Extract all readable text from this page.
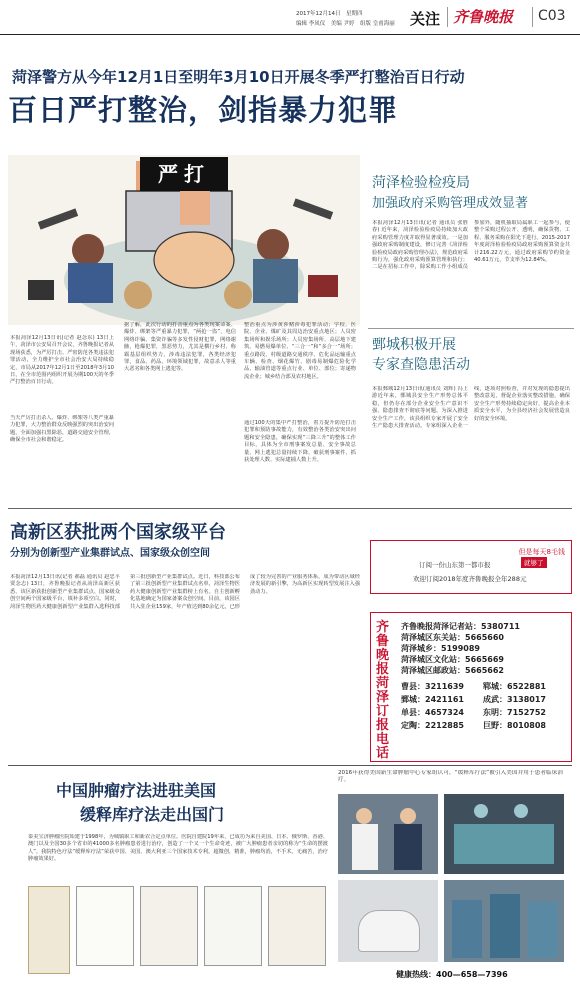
2017年12月14日　星期四
编辑 李凤仪　美编 尹婷　组版 皇甫海丽 关注 齐鲁晚报 C03
菏泽警方从今年12月1日至明年3月10日开展冬季严打整治百日行动
百日严打整治，剑指暴力犯罪
严打
本报菏泽12月13日讯(记者 赵念东) 13日上午，菏泽市公安局召开会议，齐鲁晚报记者从现场获悉，为严厉打击、严密防范各类违法犯罪活动，全力维护全市社会治安大局持续稳定，市局从2017年12月1日至2018年3月10日，在全市范围内组织开展为期100天的冬季严打整治百日行动。
当天严厉打击杀人、爆炸、绑架等八类严重暴力犯罪，大力整治群众反映强烈的突出治安问题，全面加强扫黑除恶，道路交通安全管理，确保全市社会和谐稳定。
据了解，此次行动的打击重点为各类现案命案、爆炸、绑架等严重暴力犯罪，“两抢一盗”、电信网络诈骗、集资诈骗等多发性侵财犯罪，网络谢骸，枪爆犯罪，黑恶势力，尤其是横行乡村、称霸基层组织势力，涉毒违法犯罪，各类经济犯罪，食品、药品、环境领域犯罪，故意杀人等重大恶劣和各类网上逃犯等。
整治重点为涉黄涉赌涉毒犯罪活动；学校、医院、企业、煤矿及其周边治安重点地区；人员密集场所和娱乐场所；人员密集场所、高层地下建筑、易燃易爆单位、“三合一”和“多合一”场所；重点路段、村级道路交通秩序、危化品运输重点车辆、检查、烟花爆竹、剧毒易制爆危险化学品、输油管道等重点行业、单位、部位；寄递物流企业；城乡结合部及农村地区。
通过100天的集中严打整治，着力提升防范打击犯罪和预防事故能力，有效整治各类治安突出问题和安全隐患，确保实现“三降三升”的整体工作目标，具体为全市刑事案发总量、安全事故总量、网上逃犯总量持续下降，破获刑事案件、抓获处理人数、实际逮捕人数上升。
菏泽检验检疫局
加强政府采购管理成效显著
本报菏泽12月13日讯(记者 通讯员 张胜春) 近年来，菏泽检验检疫局持续加大政府采购管理力度并取得显著成效。一是加强政府采购制度建设，修订完善《菏泽检验检疫局政府采购管理办法》，规范政府采购行为，强化政府采购预算管理和执行；二是在招标工作中，除采购工作小组成员参加外，随机抽取局属职工一起参与，使整个采购过程公开、透明，确保货物、工程、服务采购在阳光下进行。2015-2017年度菏泽检验检疫局政府采购预算资金共计216.22万元，通过政府采购节约资金40.61万元，节支率为12.84%。
鄄城积极开展
专家查隐患活动
本报鄄城12月13日讯(通讯员 刘辉) 冯上游近年来，鄄城县安全生产形势总体平稳，但仍存在部分企业安全生产意识不强、隐患排查不彻底等问题。为深入推进安全生产工作，该县组织专家开展了安全生产隐患大排查活动。专家组深入企业一线，逐项对照检查，并对发现的隐患提出整改意见，督促企业落实整改措施，确保安全生产形势持续稳定向好，提高企业本质安全水平，为全县经济社会发展营造良好的安全环境。
高新区获批两个国家级平台
分别为创新型产业集群试点、国家级众创空间
本报菏泽12月13日讯(记者 郝磊 通讯员 赵忠平 贾念志) 13日，齐鲁晚报记者从菏泽高新区获悉，该区新获批创新型产业集群试点、国家级众创空间两个国家级平台，填补多项空白。同时，菏泽生物医药大健康创新型产业集群入选科技部第三批创新型产业集群试点。近日，科技部公布了第三批创新型产业集群试点名单，菏泽生物医药大健康创新型产业集群榜上有名。自主创新孵化基地确定为国家备案众创空间。目前，该园区共入驻企业159家，年产值达到80余亿元，已形成了较为完善的产业服务体系，成为带动区域经济发展的新引擎，为高新区实现转型发展注入强劲动力。
但是每天8毛钱
订阅一份山东第一都市报	就够了
欢迎订阅2018年度齐鲁晚报全年288元
齐鲁晚报菏泽订报电话
齐鲁晚报菏泽记者站：5380711
菏泽城区东关站：5665660
菏泽城乡：5199089
菏泽城区文化站：5665669
菏泽城区邮政站：5665662
曹县：3211639 郓城：6522881
鄄城：2421161 成武：3138017
单县：4657324 东明：7152752
定陶：2212885 巨野：8010808
中国肿瘤疗法进驻美国
缓释库疗法走出国门
泰美宝济肿瘤医院始建于1998年，为城镇职工和新农合定点单位。医院自建院19年来，已成功为来自美国、日本、俄罗斯、香港、澳门以及全国30多个省市的41000多名肿瘤患者进行治疗，创造了一个又一个生命奇迹，被广大肿瘤患者亲切的称为“生命的摆渡人”。我院特色疗法“缓释库疗法”荣获中国、美国、澳大利亚三个国家技术专利。超微创，精准，肿瘤均消，不手术，无痛苦，治疗肿瘤效果好。
2016年获得美国新生命肿瘤中心专家组认可，“缓释库疗法”被引入美国并用于患者临床治疗。
健康热线：400—658—7396
